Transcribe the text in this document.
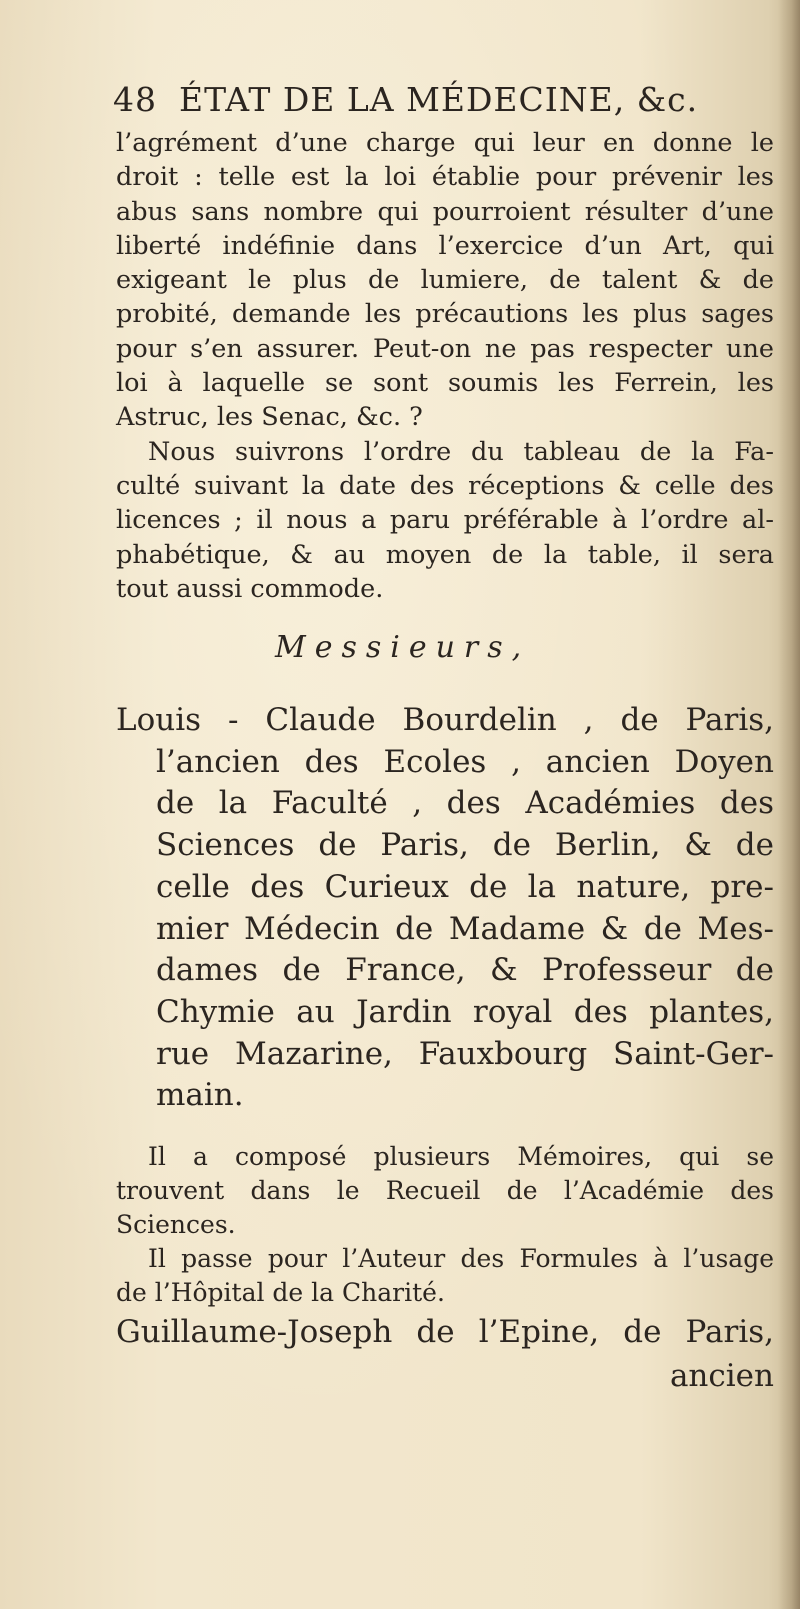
48 ÉTAT DE LA MÉDECINE, &c.
l’agrément d’une charge qui leur en donne le
droit : telle est la loi établie pour prévenir les
abus sans nombre qui pourroient résulter d’une
liberté indéfinie dans l’exercice d’un Art, qui
exigeant le plus de lumiere, de talent & de
probité, demande les précautions les plus sages
pour s’en assurer. Peut-on ne pas respecter une
loi à laquelle se sont soumis les Ferrein, les
Astruc, les Senac, &c. ?
Nous suivrons l’ordre du tableau de la Fa-
culté suivant la date des réceptions & celle des
licences ; il nous a paru préférable à l’ordre al-
phabétique, & au moyen de la table, il sera
tout aussi commode.
Messieurs,
Louis - Claude Bourdelin , de Paris,
l’ancien des Ecoles , ancien Doyen
de la Faculté , des Académies des
Sciences de Paris, de Berlin, & de
celle des Curieux de la nature, pre-
mier Médecin de Madame & de Mes-
dames de France, & Professeur de
Chymie au Jardin royal des plantes,
rue Mazarine, Fauxbourg Saint-Ger-
main.
Il a composé plusieurs Mémoires, qui se
trouvent dans le Recueil de l’Académie des
Sciences.
Il passe pour l’Auteur des Formules à l’usage
de l’Hôpital de la Charité.
Guillaume-Joseph de l’Epine, de Paris,
ancien
